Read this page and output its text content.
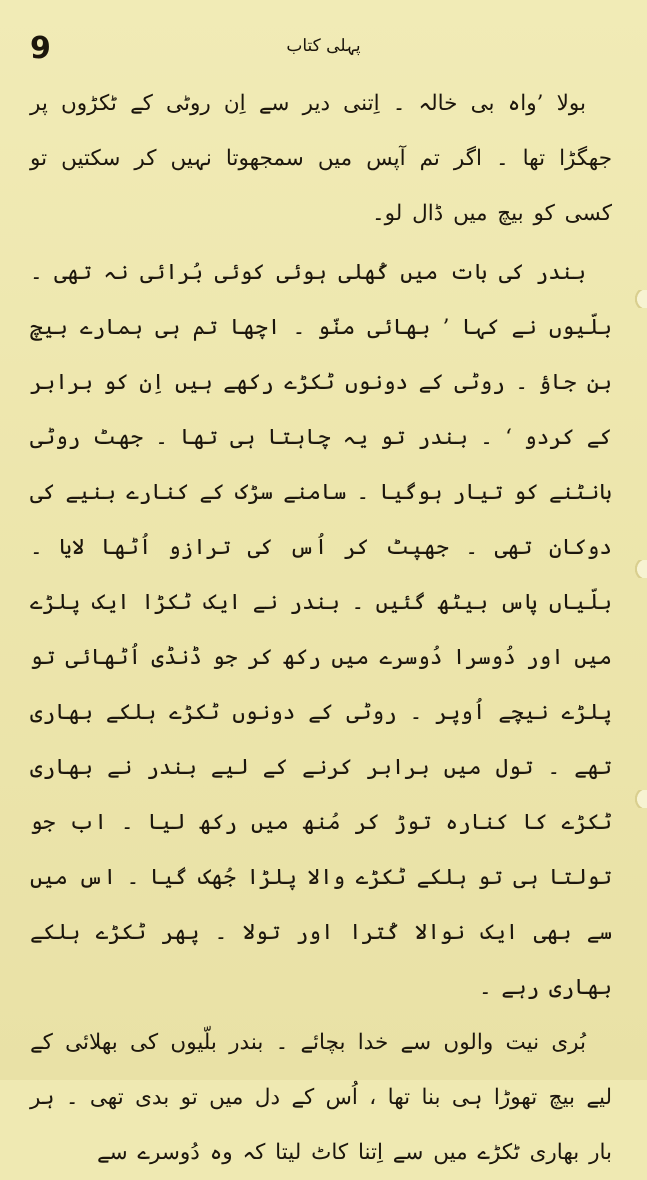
9	پہلی کتاب

بولا ’واہ بی خالہ ۔ اِتنی دیر سے اِن روٹی کے ٹکڑوں پر جھگڑا تھا ۔ اگر تم آپس میں سمجھوتا نہیں کر سکتیں تو کسی کو بیچ میں ڈال لو۔

بندر کی بات میں کُھلی ہوئی کوئی بُرائی نہ تھی ۔ بلّیوں نے کہا ’ بھائی منّو ۔ اچھا تم ہی ہمارے بیچ بن جاؤ ۔ روٹی کے دونوں ٹکڑے رکھے ہیں اِن کو برابر کے کردو ‘ ۔ بندر تو یہ چاہتا ہی تھا ۔ جھٹ روٹی بانٹنے کو تیار ہوگیا ۔ سامنے سڑک کے کنارے بنیے کی دوکان تھی ۔ جھپٹ کر اُس کی ترازو اُٹھا لایا ۔ بلّیاں پاس بیٹھ گئیں ۔ بندر نے ایک ٹکڑا ایک پلڑے میں اور دُوسرا دُوسرے میں رکھ کر جو ڈنڈی اُٹھائی تو پلڑے نیچے اُوپر ۔ روٹی کے دونوں ٹکڑے ہلکے بھاری تھے ۔ تول میں برابر کرنے کے لیے بندر نے بھاری ٹکڑے کا کنارہ توڑ کر مُنھ میں رکھ لیا ۔ اب جو تولتا ہی تو ہلکے ٹکڑے والا پلڑا جُھک گیا ۔ اس میں سے بھی ایک نوالا کُترا اور تولا ۔ پھر ٹکڑے ہلکے بھاری رہے ۔

بُری نیت والوں سے خدا بچائے ۔ بندر بلّیوں کی بھلائی کے لیے بیچ تھوڑا ہی بنا تھا ، اُس کے دل میں تو بدی تھی ۔ ہر بار بھاری ٹکڑے میں سے اِتنا کاٹ لیتا کہ وہ دُوسرے سے
